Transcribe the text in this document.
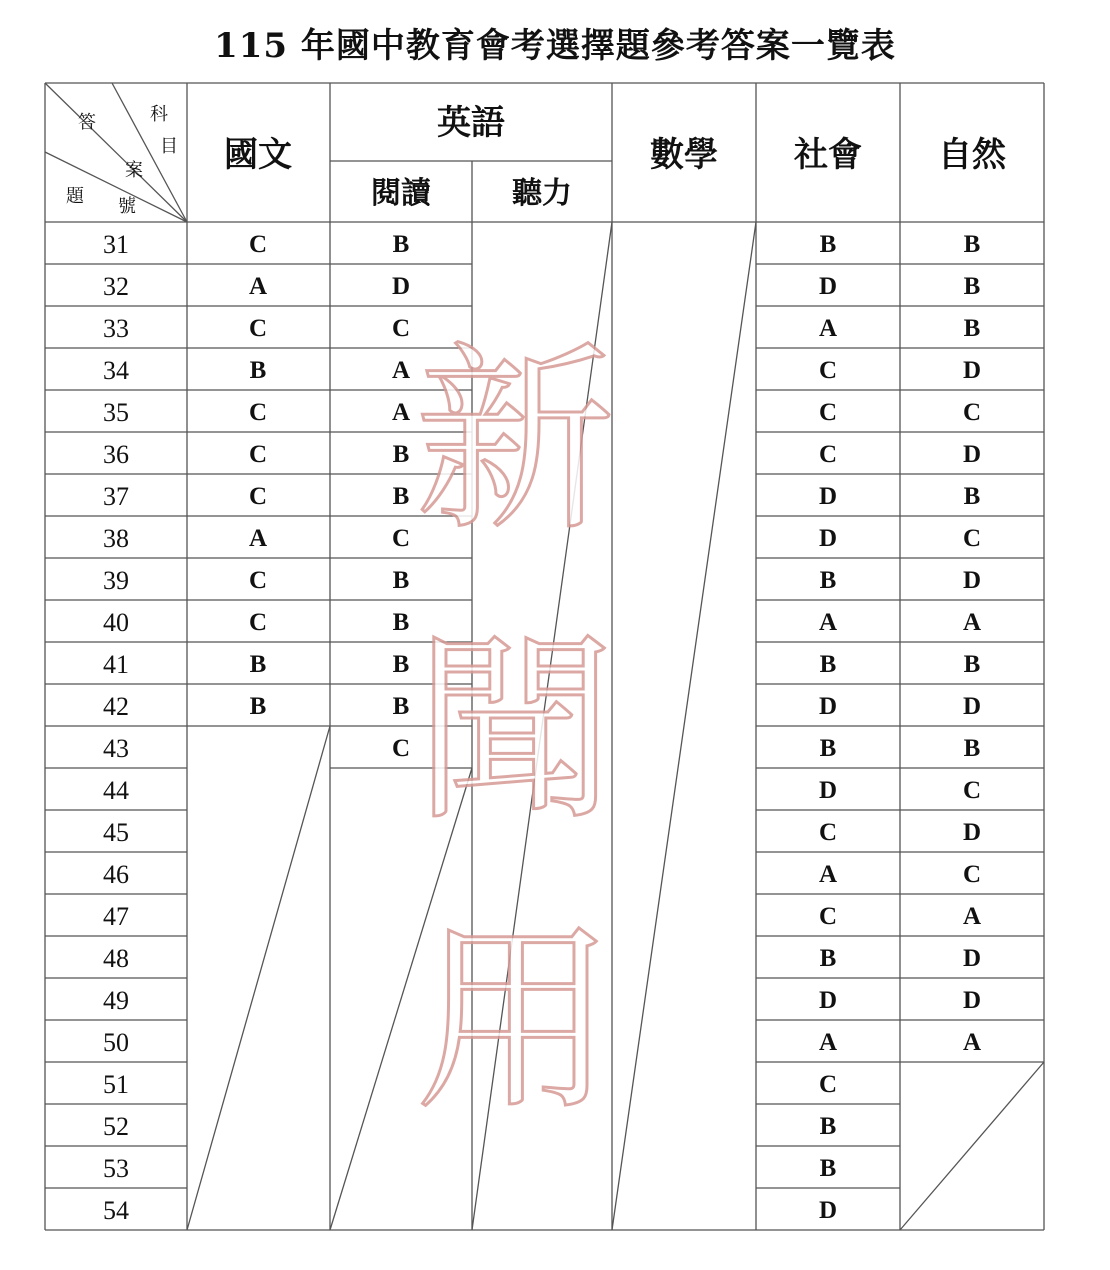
115 年國中教育會考選擇題參考答案一覽表
新
聞
用
答	科
目
案
題 號
國文
英語
閱讀	聽力
數學 社會 自然
31
32
33
34
35
36
37
38
39
40
41
42
43
44
45
46
47
48
49
50
51
52
53
54
C
A
C
B
C
C
C
A
C
C
B
B
B
D
C
A
A
B
B
C
B
B
B
B
C
B
D
A
C
C
C
D
D
B
A
B
D
B
D
C
A
C
B
D
A
C
B
B
D
B
B
B
D
C
D
B
C
D
A
B
D
B
C
D
C
A
D
D
A
